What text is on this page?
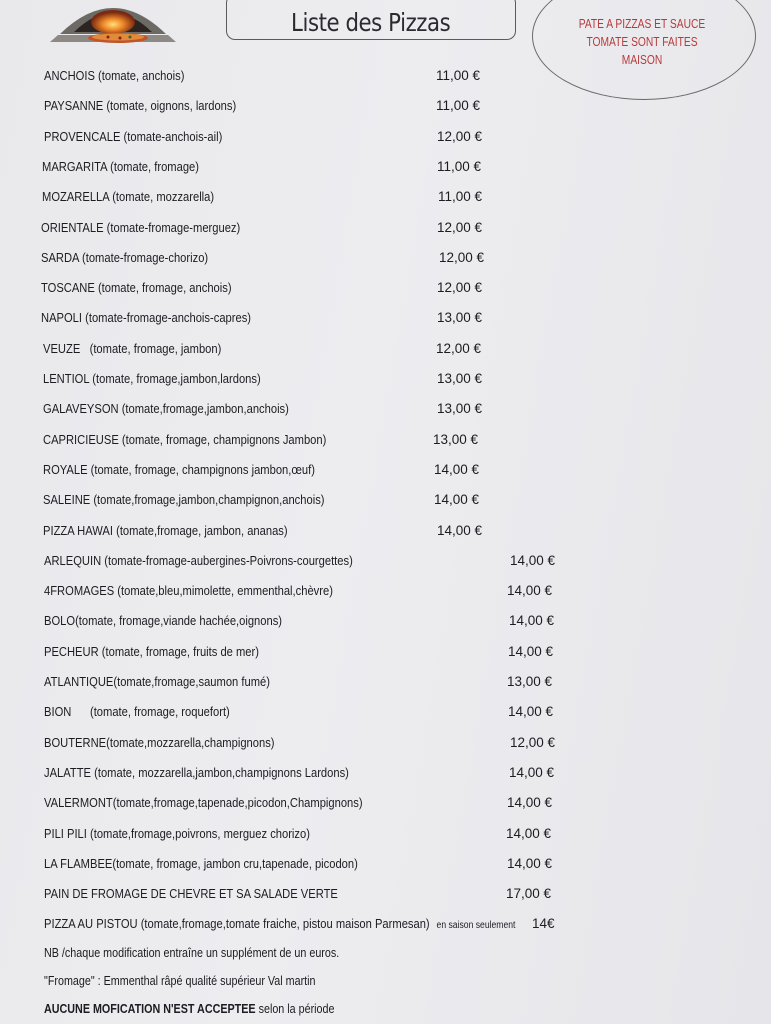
Liste des Pizzas	PATE A PIZZAS ET SAUCE
TOMATE SONT FAITES
MAISON
ANCHOIS (tomate, anchois)	11,00 €
PAYSANNE (tomate, oignons, lardons)	11,00 €
PROVENCALE (tomate-anchois-ail)	12,00 €
MARGARITA (tomate, fromage)	11,00 €
MOZARELLA (tomate, mozzarella)	11,00 €
ORIENTALE (tomate-fromage-merguez)	12,00 €
SARDA (tomate-fromage-chorizo)	12,00 €
TOSCANE (tomate, fromage, anchois)	12,00 €
NAPOLI (tomate-fromage-anchois-capres)	13,00 €
VEUZE   (tomate, fromage, jambon)	12,00 €
LENTIOL (tomate, fromage,jambon,lardons)	13,00 €
GALAVEYSON (tomate,fromage,jambon,anchois)	13,00 €
CAPRICIEUSE (tomate, fromage, champignons Jambon)	13,00 €
ROYALE (tomate, fromage, champignons jambon,œuf)	14,00 €
SALEINE (tomate,fromage,jambon,champignon,anchois)	14,00 €
PIZZA HAWAI (tomate,fromage, jambon, ananas)	14,00 €
ARLEQUIN (tomate-fromage-aubergines-Poivrons-courgettes)	14,00 €
4FROMAGES (tomate,bleu,mimolette, emmenthal,chèvre)	14,00 €
BOLO(tomate, fromage,viande hachée,oignons)	14,00 €
PECHEUR (tomate, fromage, fruits de mer)	14,00 €
ATLANTIQUE(tomate,fromage,saumon fumé)	13,00 €
BION      (tomate, fromage, roquefort)	14,00 €
BOUTERNE(tomate,mozzarella,champignons)	12,00 €
JALATTE (tomate, mozzarella,jambon,champignons Lardons)	14,00 €
VALERMONT(tomate,fromage,tapenade,picodon,Champignons)	14,00 €
PILI PILI (tomate,fromage,poivrons, merguez chorizo)	14,00 €
LA FLAMBEE(tomate, fromage, jambon cru,tapenade, picodon)	14,00 €
PAIN DE FROMAGE DE CHEVRE ET SA SALADE VERTE	17,00 €
PIZZA AU PISTOU (tomate,fromage,tomate fraiche, pistou maison Parmesan) en saison seulement 14€
NB /chaque modification entraîne un supplément de un euros.
"Fromage" : Emmenthal râpé qualité supérieur Val martin
AUCUNE MOFICATION N'EST ACCEPTEE selon la période
